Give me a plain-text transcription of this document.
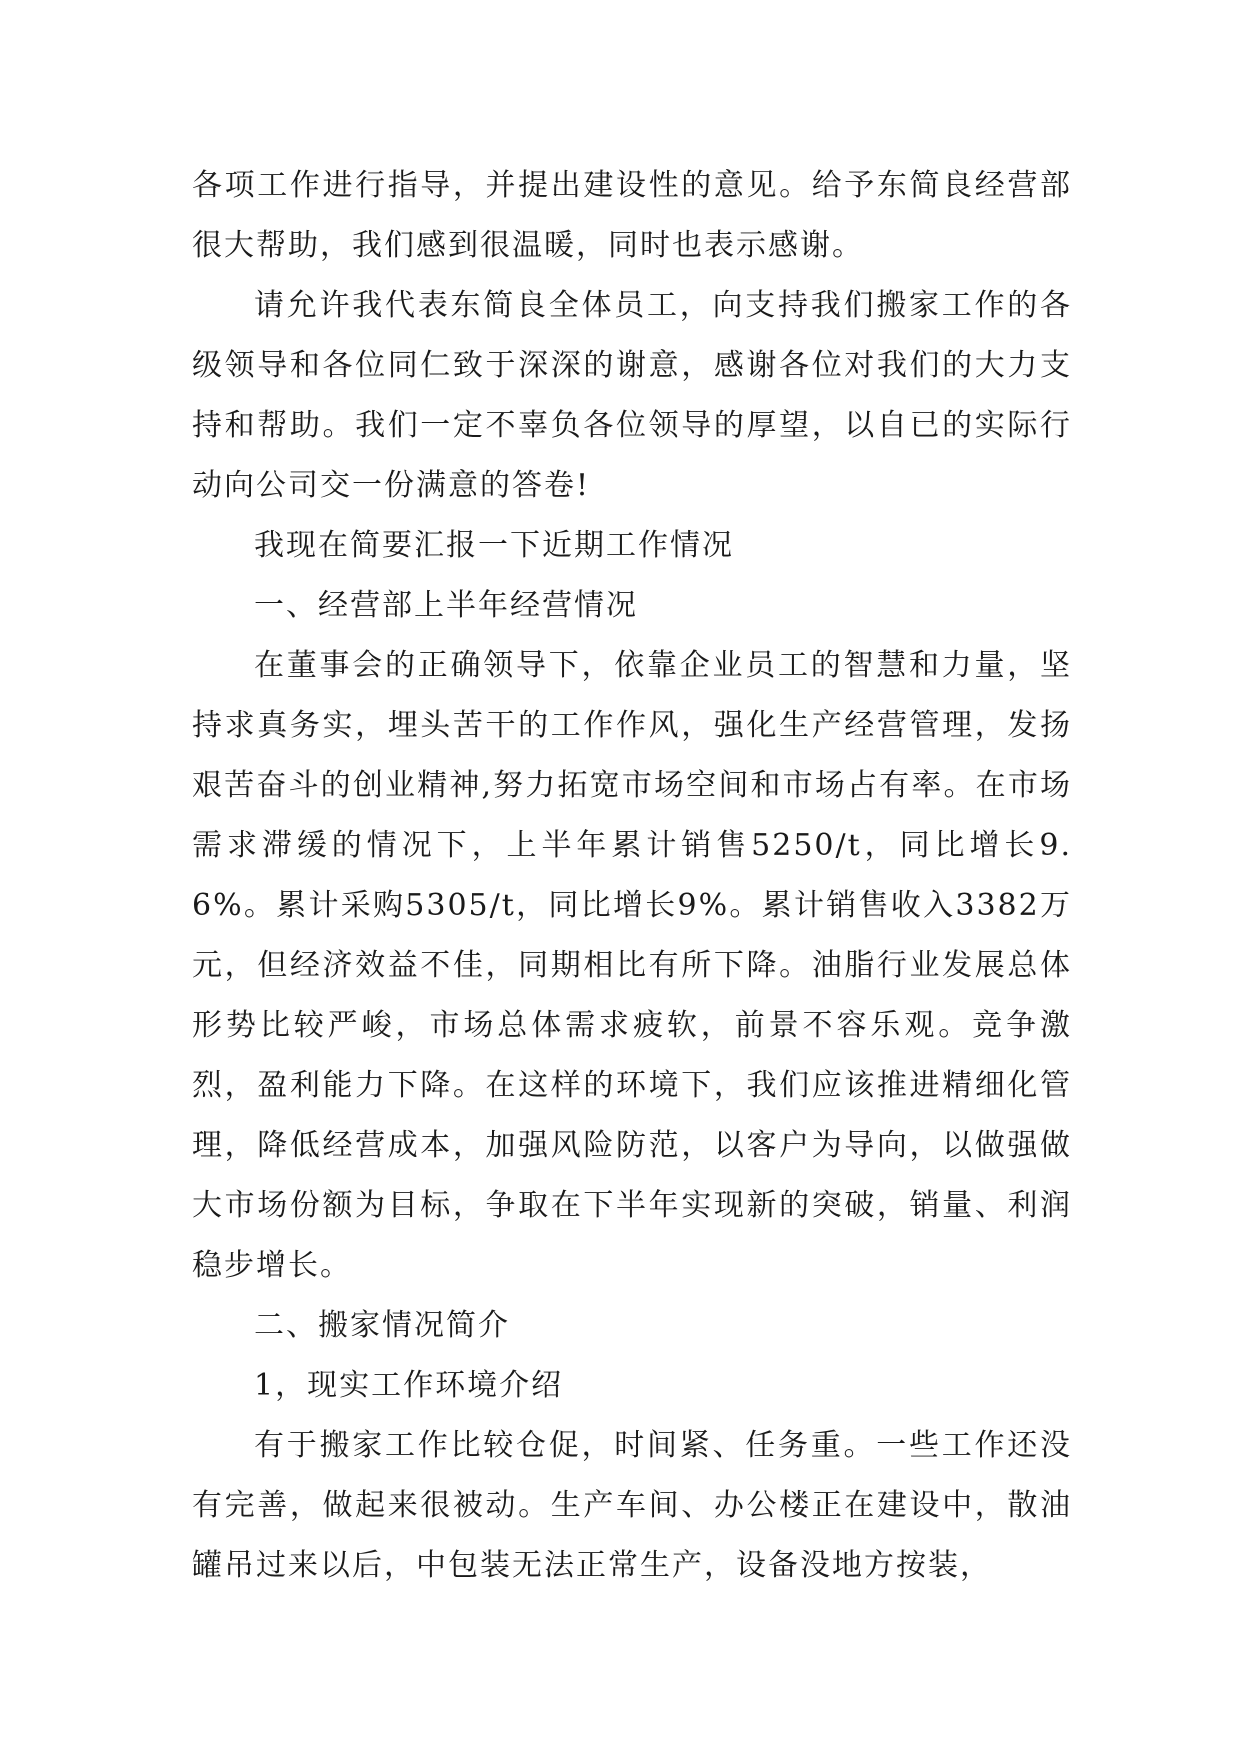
各项工作进行指导，并提出建设性的意见。给予东简良经营部很大帮助，我们感到很温暖，同时也表示感谢。

请允许我代表东简良全体员工，向支持我们搬家工作的各级领导和各位同仁致于深深的谢意，感谢各位对我们的大力支持和帮助。我们一定不辜负各位领导的厚望，以自已的实际行动向公司交一份满意的答卷!

我现在简要汇报一下近期工作情况

一、经营部上半年经营情况

在董事会的正确领导下，依靠企业员工的智慧和力量，坚持求真务实，埋头苦干的工作作风，强化生产经营管理，发扬艰苦奋斗的创业精神,努力拓宽市场空间和市场占有率。在市场需求滞缓的情况下，上半年累计销售5250/t，同比增长9.6%。累计采购5305/t，同比增长9%。累计销售收入3382万元，但经济效益不佳，同期相比有所下降。油脂行业发展总体形势比较严峻，市场总体需求疲软，前景不容乐观。竞争激烈，盈利能力下降。在这样的环境下，我们应该推进精细化管理，降低经营成本，加强风险防范，以客户为导向，以做强做大市场份额为目标，争取在下半年实现新的突破，销量、利润稳步增长。

二、搬家情况简介

1，现实工作环境介绍

有于搬家工作比较仓促，时间紧、任务重。一些工作还没有完善，做起来很被动。生产车间、办公楼正在建设中，散油罐吊过来以后，中包装无法正常生产，设备没地方按装，
